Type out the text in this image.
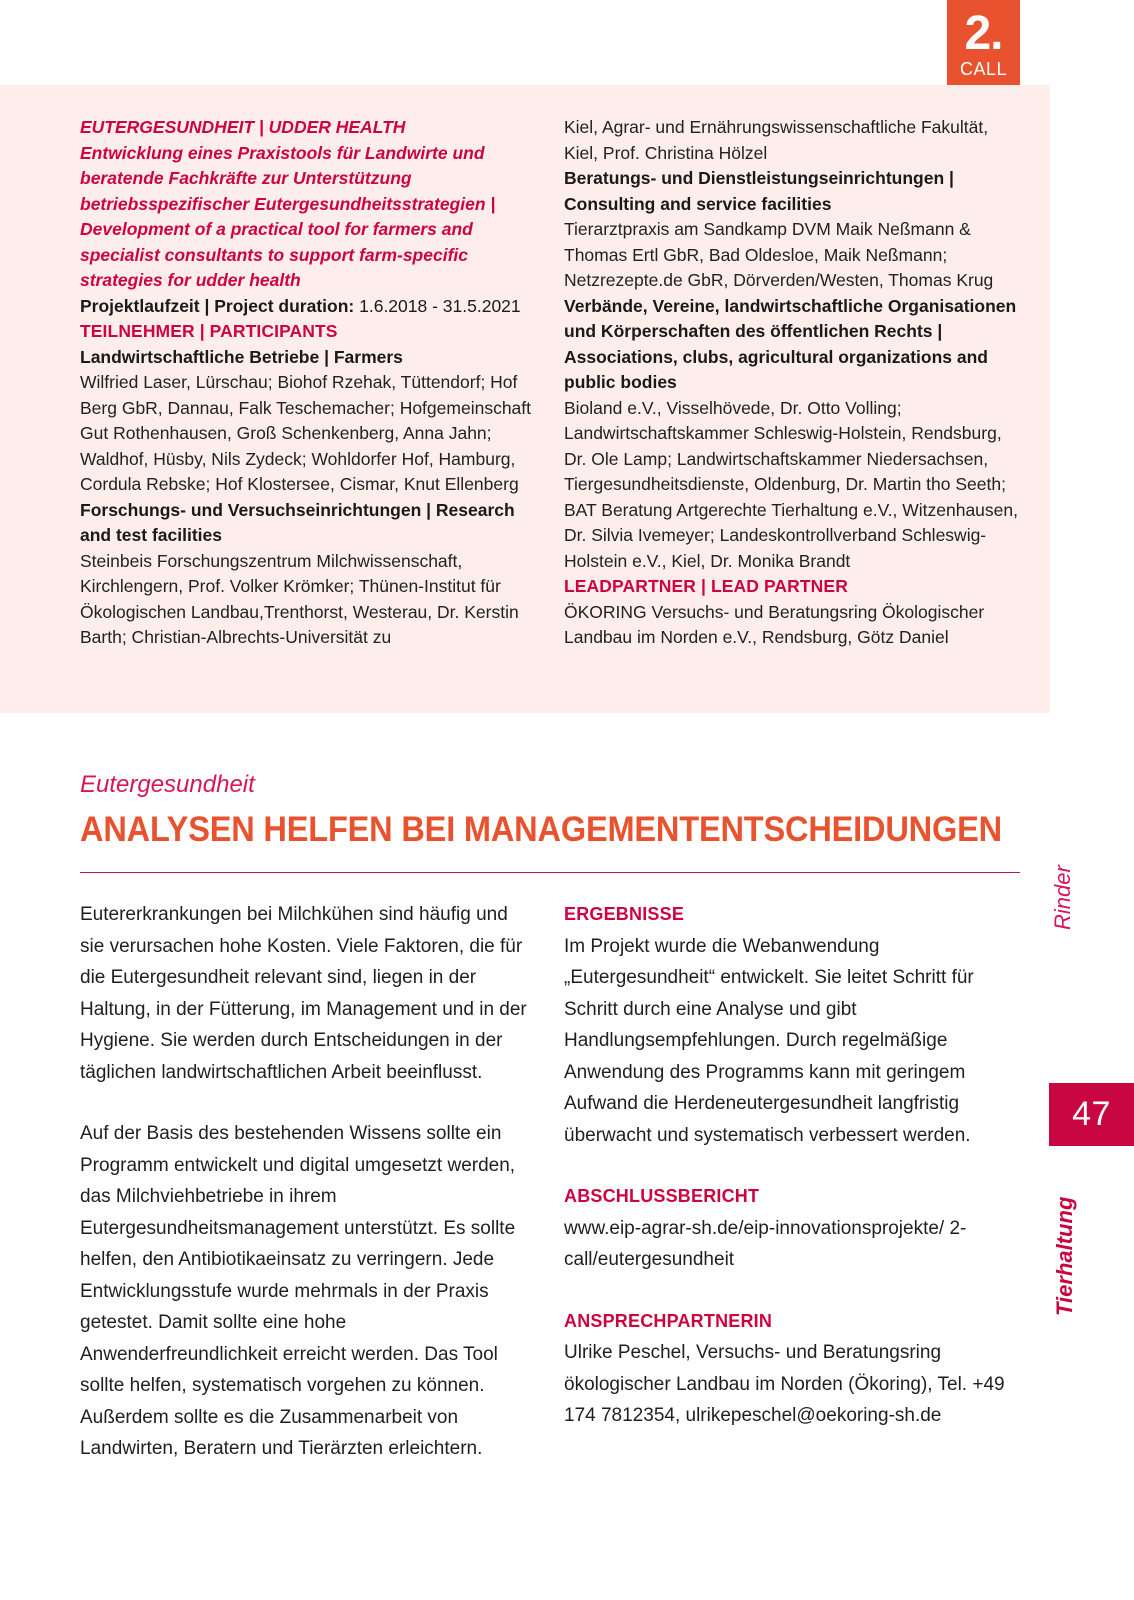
2.
CALL

EUTERGESUNDHEIT | UDDER HEALTH

Entwicklung eines Praxistools für Landwirte und beratende Fachkräfte zur Unterstützung betriebsspezifischer Eutergesundheitsstrategien | Development of a practical tool for farmers and specialist consultants to support farm-specific strategies for udder health

Projektlaufzeit | Project duration: 1.6.2018 - 31.5.2021

TEILNEHMER | PARTICIPANTS

Landwirtschaftliche Betriebe | Farmers

Wilfried Laser, Lürschau; Biohof Rzehak, Tüttendorf; Hof Berg GbR, Dannau, Falk Teschemacher; Hofgemeinschaft Gut Rothenhausen, Groß Schenkenberg, Anna Jahn; Waldhof, Hüsby, Nils Zydeck; Wohldorfer Hof, Hamburg, Cordula Rebske; Hof Klostersee, Cismar, Knut Ellenberg

Forschungs- und Versuchseinrichtungen | Research and test facilities

Steinbeis Forschungszentrum Milchwissenschaft, Kirchlengern, Prof. Volker Krömker; Thünen-Institut für Ökologischen Landbau,Trenthorst, Westerau, Dr. Kerstin Barth; Christian-Albrechts-Universität zu

Kiel, Agrar- und Ernährungswissenschaftliche Fakultät, Kiel, Prof. Christina Hölzel

Beratungs- und Dienstleistungseinrichtungen | Consulting and service facilities

Tierarztpraxis am Sandkamp DVM Maik Neßmann & Thomas Ertl GbR, Bad Oldesloe, Maik Neßmann; Netzrezepte.de GbR, Dörverden/Westen, Thomas Krug

Verbände, Vereine, landwirtschaftliche Organisationen und Körperschaften des öffentlichen Rechts | Associations, clubs, agricultural organizations and public bodies

Bioland e.V., Visselhövede, Dr. Otto Volling; Landwirtschaftskammer Schleswig-Holstein, Rendsburg, Dr. Ole Lamp; Landwirtschaftskammer Niedersachsen, Tiergesundheitsdienste, Oldenburg, Dr. Martin tho Seeth; BAT Beratung Artgerechte Tierhaltung e.V., Witzenhausen, Dr. Silvia Ivemeyer; Landeskontrollverband Schleswig-Holstein e.V., Kiel, Dr. Monika Brandt

LEADPARTNER | LEAD PARTNER

ÖKORING Versuchs- und Beratungsring Ökologischer Landbau im Norden e.V., Rendsburg, Götz Daniel

Eutergesundheit

ANALYSEN HELFEN BEI MANAGEMENTENTSCHEIDUNGEN

Eutererkrankungen bei Milchkühen sind häufig und sie verursachen hohe Kosten. Viele Faktoren, die für die Eutergesundheit relevant sind, liegen in der Haltung, in der Fütterung, im Management und in der Hygiene. Sie werden durch Entscheidungen in der täglichen landwirtschaftlichen Arbeit beeinflusst.

Auf der Basis des bestehenden Wissens sollte ein Programm entwickelt und digital umgesetzt werden, das Milchviehbetriebe in ihrem Eutergesundheitsmanagement unterstützt. Es sollte helfen, den Antibiotikaeinsatz zu verringern. Jede Entwicklungsstufe wurde mehrmals in der Praxis getestet. Damit sollte eine hohe Anwenderfreundlichkeit erreicht werden. Das Tool sollte helfen, systematisch vorgehen zu können. Außerdem sollte es die Zusammenarbeit von Landwirten, Beratern und Tierärzten erleichtern.

ERGEBNISSE

Im Projekt wurde die Webanwendung „Eutergesundheit“ entwickelt. Sie leitet Schritt für Schritt durch eine Analyse und gibt Handlungsempfehlungen. Durch regelmäßige Anwendung des Programms kann mit geringem Aufwand die Herdeneutergesundheit langfristig überwacht und systematisch verbessert werden.

ABSCHLUSSBERICHT

www.eip-agrar-sh.de/eip-innovationsprojekte/ 2-call/eutergesundheit

ANSPRECHPARTNERIN

Ulrike Peschel, Versuchs- und Beratungsring ökologischer Landbau im Norden (Ökoring), Tel. +49 174 7812354, ulrikepeschel@oekoring-sh.de

Rinder
47
Tierhaltung
